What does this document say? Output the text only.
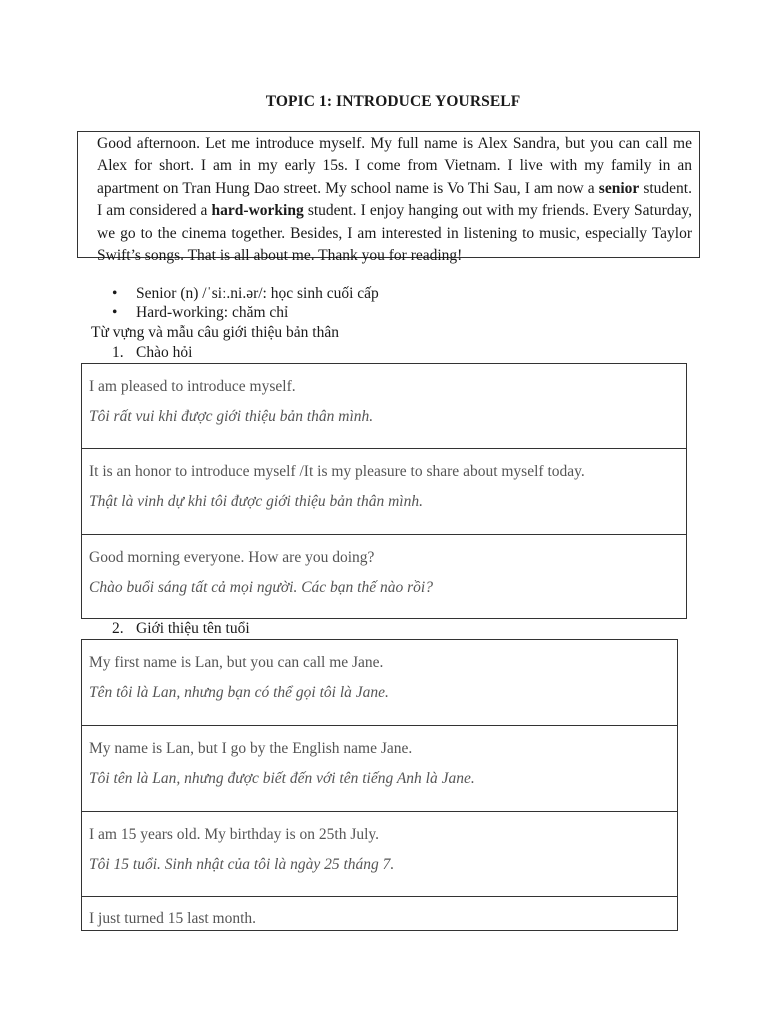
TOPIC 1: INTRODUCE YOURSELF
Good afternoon. Let me introduce myself. My full name is Alex Sandra, but you can call me Alex for short. I am in my early 15s. I come from Vietnam. I live with my family in an apartment on Tran Hung Dao street. My school name is Vo Thi Sau, I am now a senior student. I am considered a hard-working student. I enjoy hanging out with my friends. Every Saturday, we go to the cinema together. Besides, I am interested in listening to music, especially Taylor Swift’s songs. That is all about me. Thank you for reading!
• Senior (n) /ˈsiː.ni.ər/: học sinh cuối cấp
• Hard-working: chăm chỉ
Từ vựng và mẫu câu giới thiệu bản thân
1. Chào hỏi
I am pleased to introduce myself.
Tôi rất vui khi được giới thiệu bản thân mình.
It is an honor to introduce myself /It is my pleasure to share about myself today.
Thật là vinh dự khi tôi được giới thiệu bản thân mình.
Good morning everyone. How are you doing?
Chào buổi sáng tất cả mọi người. Các bạn thế nào rồi?
2. Giới thiệu tên tuổi
My first name is Lan, but you can call me Jane.
Tên tôi là Lan, nhưng bạn có thể gọi tôi là Jane.
My name is Lan, but I go by the English name Jane.
Tôi tên là Lan, nhưng được biết đến với tên tiếng Anh là Jane.
I am 15 years old. My birthday is on 25th July.
Tôi 15 tuổi. Sinh nhật của tôi là ngày 25 tháng 7.
I just turned 15 last month.
